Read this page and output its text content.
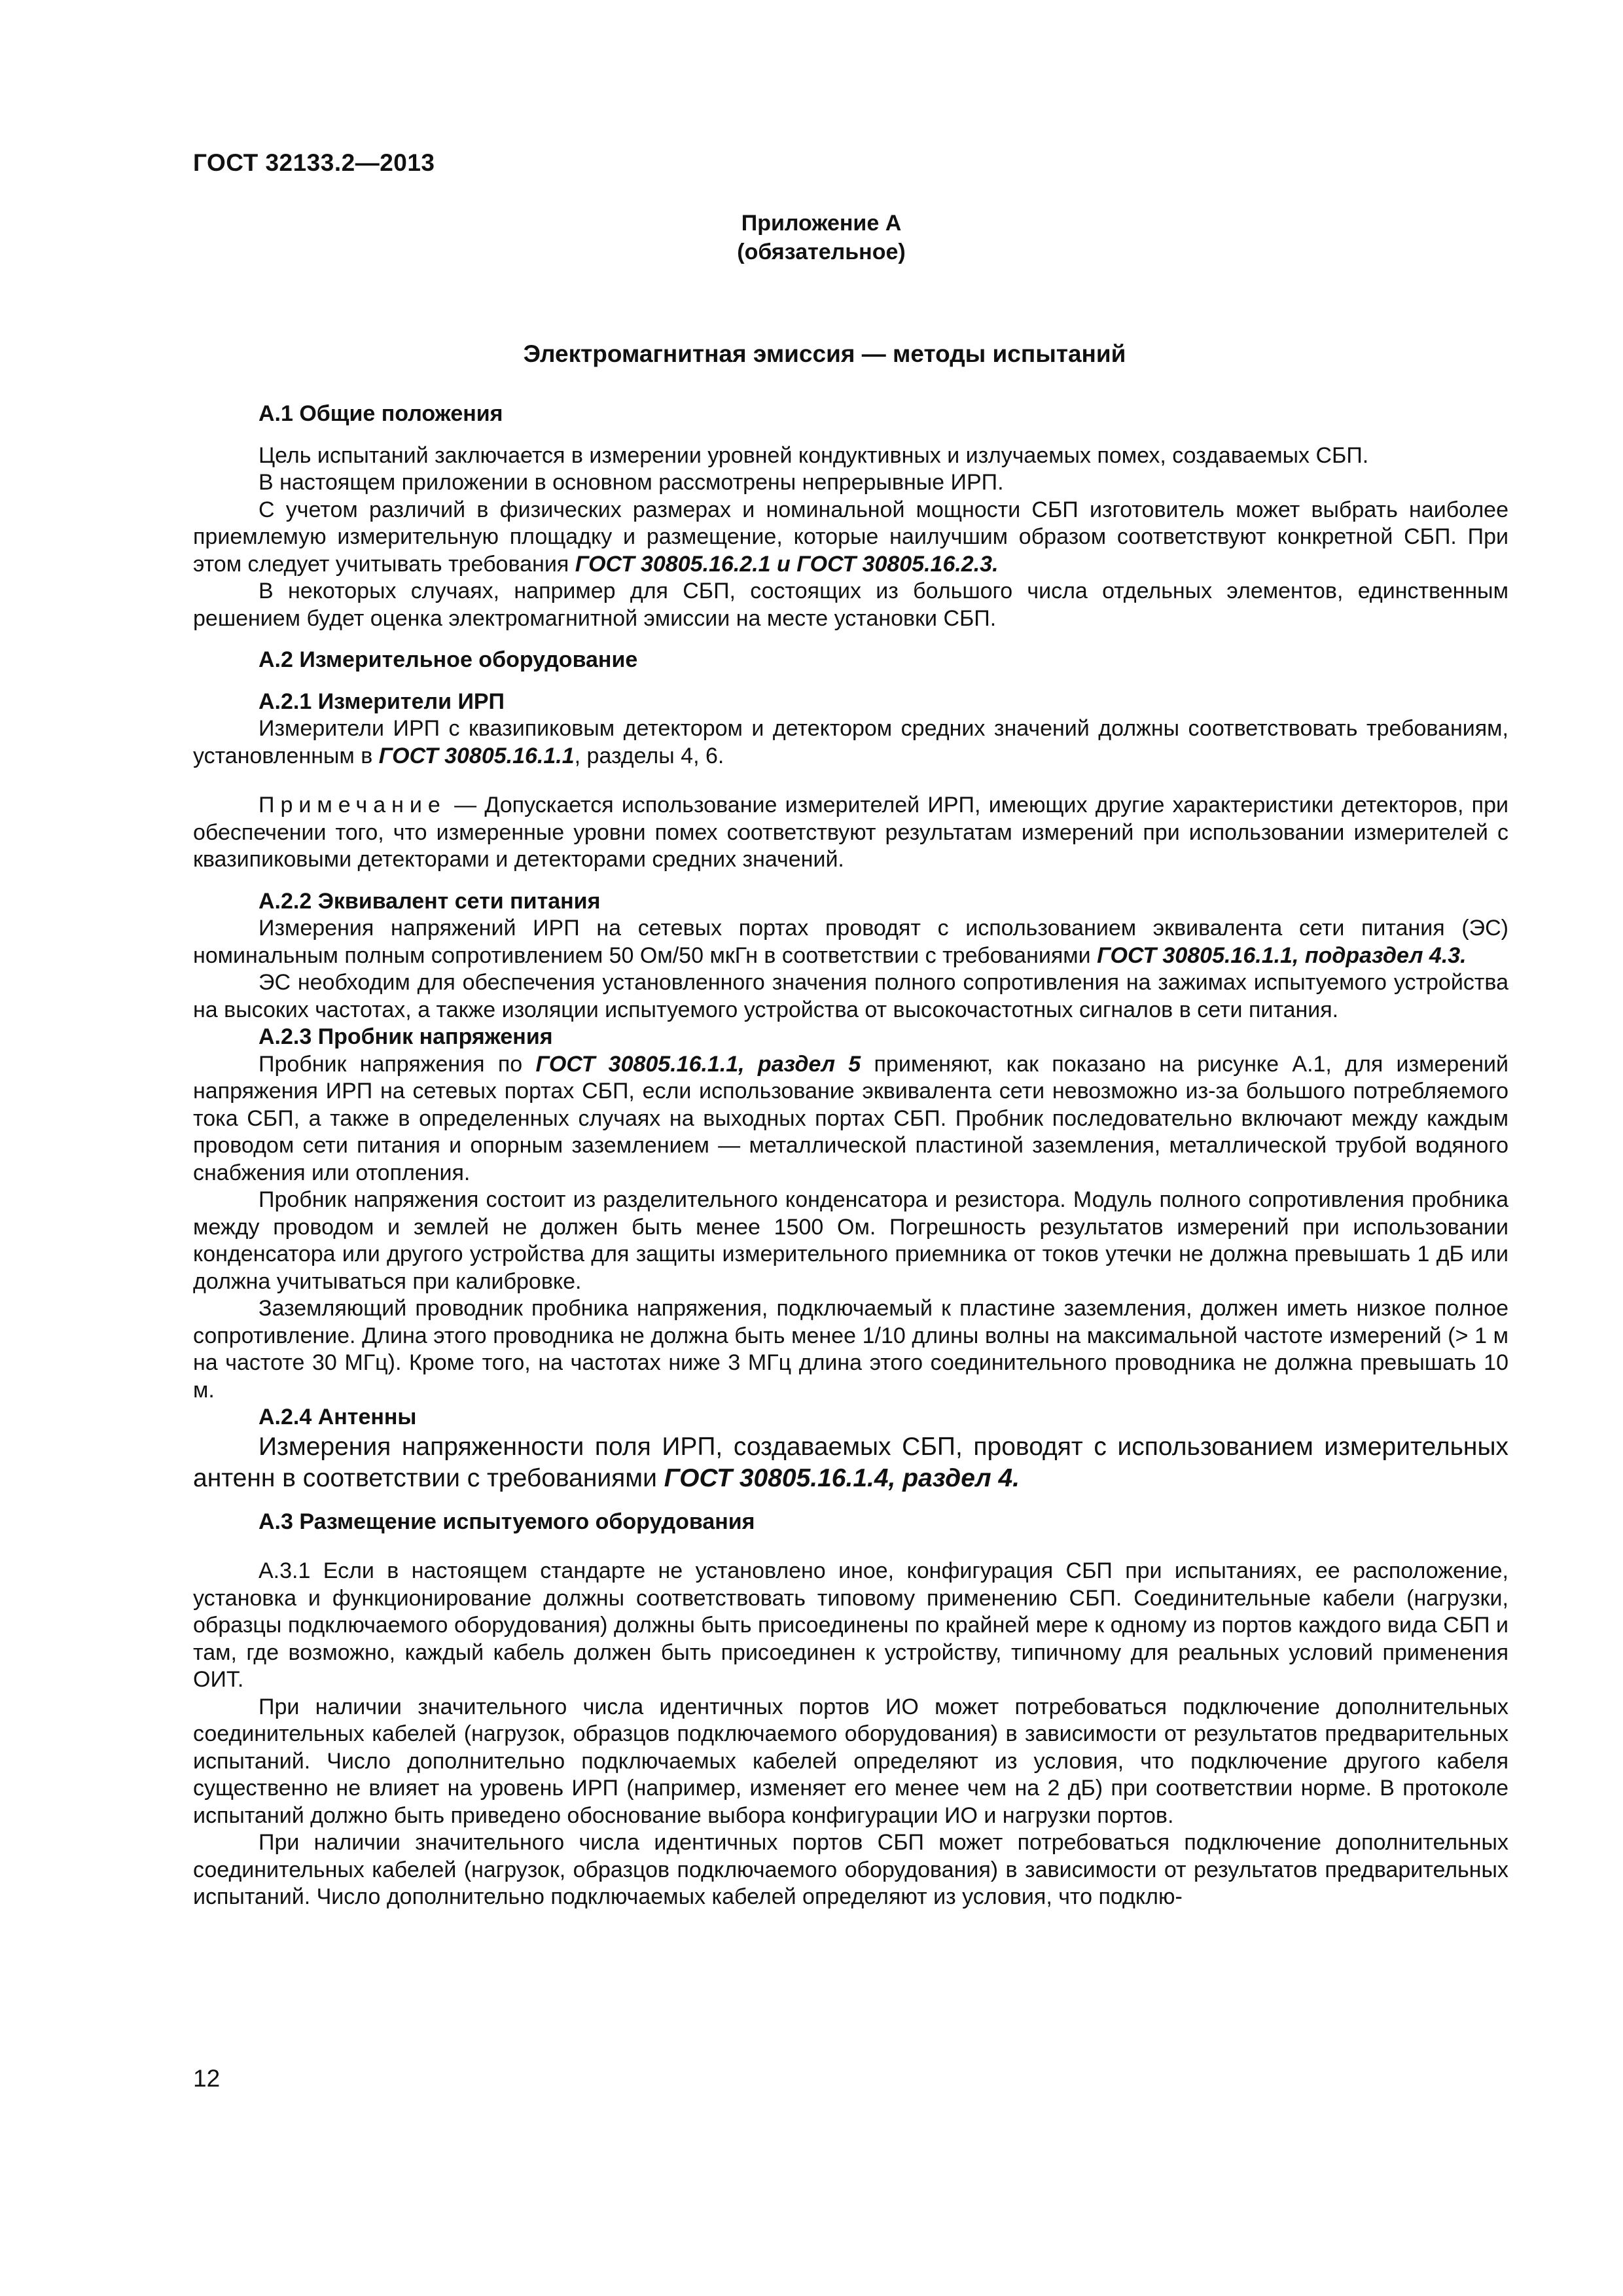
ГОСТ 32133.2—2013
Приложение А
(обязательное)
Электромагнитная эмиссия — методы испытаний

А.1 Общие положения

Цель испытаний заключается в измерении уровней кондуктивных и излучаемых помех, создаваемых СБП.

В настоящем приложении в основном рассмотрены непрерывные ИРП.

С учетом различий в физических размерах и номинальной мощности СБП изготовитель может выбрать наиболее приемлемую измерительную площадку и размещение, которые наилучшим образом соответствуют конкретной СБП. При этом следует учитывать требования ГОСТ 30805.16.2.1 и ГОСТ 30805.16.2.3.

В некоторых случаях, например для СБП, состоящих из большого числа отдельных элементов, единственным решением будет оценка электромагнитной эмиссии на месте установки СБП.

А.2 Измерительное оборудование

А.2.1 Измерители ИРП

Измерители ИРП с квазипиковым детектором и детектором средних значений должны соответствовать требованиям, установленным в ГОСТ 30805.16.1.1, разделы 4, 6.

Примечание — Допускается использование измерителей ИРП, имеющих другие характеристики детекторов, при обеспечении того, что измеренные уровни помех соответствуют результатам измерений при использовании измерителей с квазипиковыми детекторами и детекторами средних значений.

А.2.2 Эквивалент сети питания

Измерения напряжений ИРП на сетевых портах проводят с использованием эквивалента сети питания (ЭС) номинальным полным сопротивлением 50 Ом/50 мкГн в соответствии с требованиями ГОСТ 30805.16.1.1, подраздел 4.3.

ЭС необходим для обеспечения установленного значения полного сопротивления на зажимах испытуемого устройства на высоких частотах, а также изоляции испытуемого устройства от высокочастотных сигналов в сети питания.

А.2.3 Пробник напряжения

Пробник напряжения по ГОСТ 30805.16.1.1, раздел 5 применяют, как показано на рисунке А.1, для измерений напряжения ИРП на сетевых портах СБП, если использование эквивалента сети невозможно из-за большого потребляемого тока СБП, а также в определенных случаях на выходных портах СБП. Пробник последовательно включают между каждым проводом сети питания и опорным заземлением — металлической пластиной заземления, металлической трубой водяного снабжения или отопления.

Пробник напряжения состоит из разделительного конденсатора и резистора. Модуль полного сопротивления пробника между проводом и землей не должен быть менее 1500 Ом. Погрешность результатов измерений при использовании конденсатора или другого устройства для защиты измерительного приемника от токов утечки не должна превышать 1 дБ или должна учитываться при калибровке.

Заземляющий проводник пробника напряжения, подключаемый к пластине заземления, должен иметь низкое полное сопротивление. Длина этого проводника не должна быть менее 1/10 длины волны на максимальной частоте измерений (> 1 м на частоте 30 МГц). Кроме того, на частотах ниже 3 МГц длина этого соединительного проводника не должна превышать 10 м.

А.2.4 Антенны

Измерения напряженности поля ИРП, создаваемых СБП, проводят с использованием измерительных антенн в соответствии с требованиями ГОСТ 30805.16.1.4, раздел 4.

А.3 Размещение испытуемого оборудования

А.3.1 Если в настоящем стандарте не установлено иное, конфигурация СБП при испытаниях, ее расположение, установка и функционирование должны соответствовать типовому применению СБП. Соединительные кабели (нагрузки, образцы подключаемого оборудования) должны быть присоединены по крайней мере к одному из портов каждого вида СБП и там, где возможно, каждый кабель должен быть присоединен к устройству, типичному для реальных условий применения ОИТ.

При наличии значительного числа идентичных портов ИО может потребоваться подключение дополнительных соединительных кабелей (нагрузок, образцов подключаемого оборудования) в зависимости от результатов предварительных испытаний. Число дополнительно подключаемых кабелей определяют из условия, что подключение другого кабеля существенно не влияет на уровень ИРП (например, изменяет его менее чем на 2 дБ) при соответствии норме. В протоколе испытаний должно быть приведено обоснование выбора конфигурации ИО и нагрузки портов.

При наличии значительного числа идентичных портов СБП может потребоваться подключение дополнительных соединительных кабелей (нагрузок, образцов подключаемого оборудования) в зависимости от результатов предварительных испытаний. Число дополнительно подключаемых кабелей определяют из условия, что подклю-

12
